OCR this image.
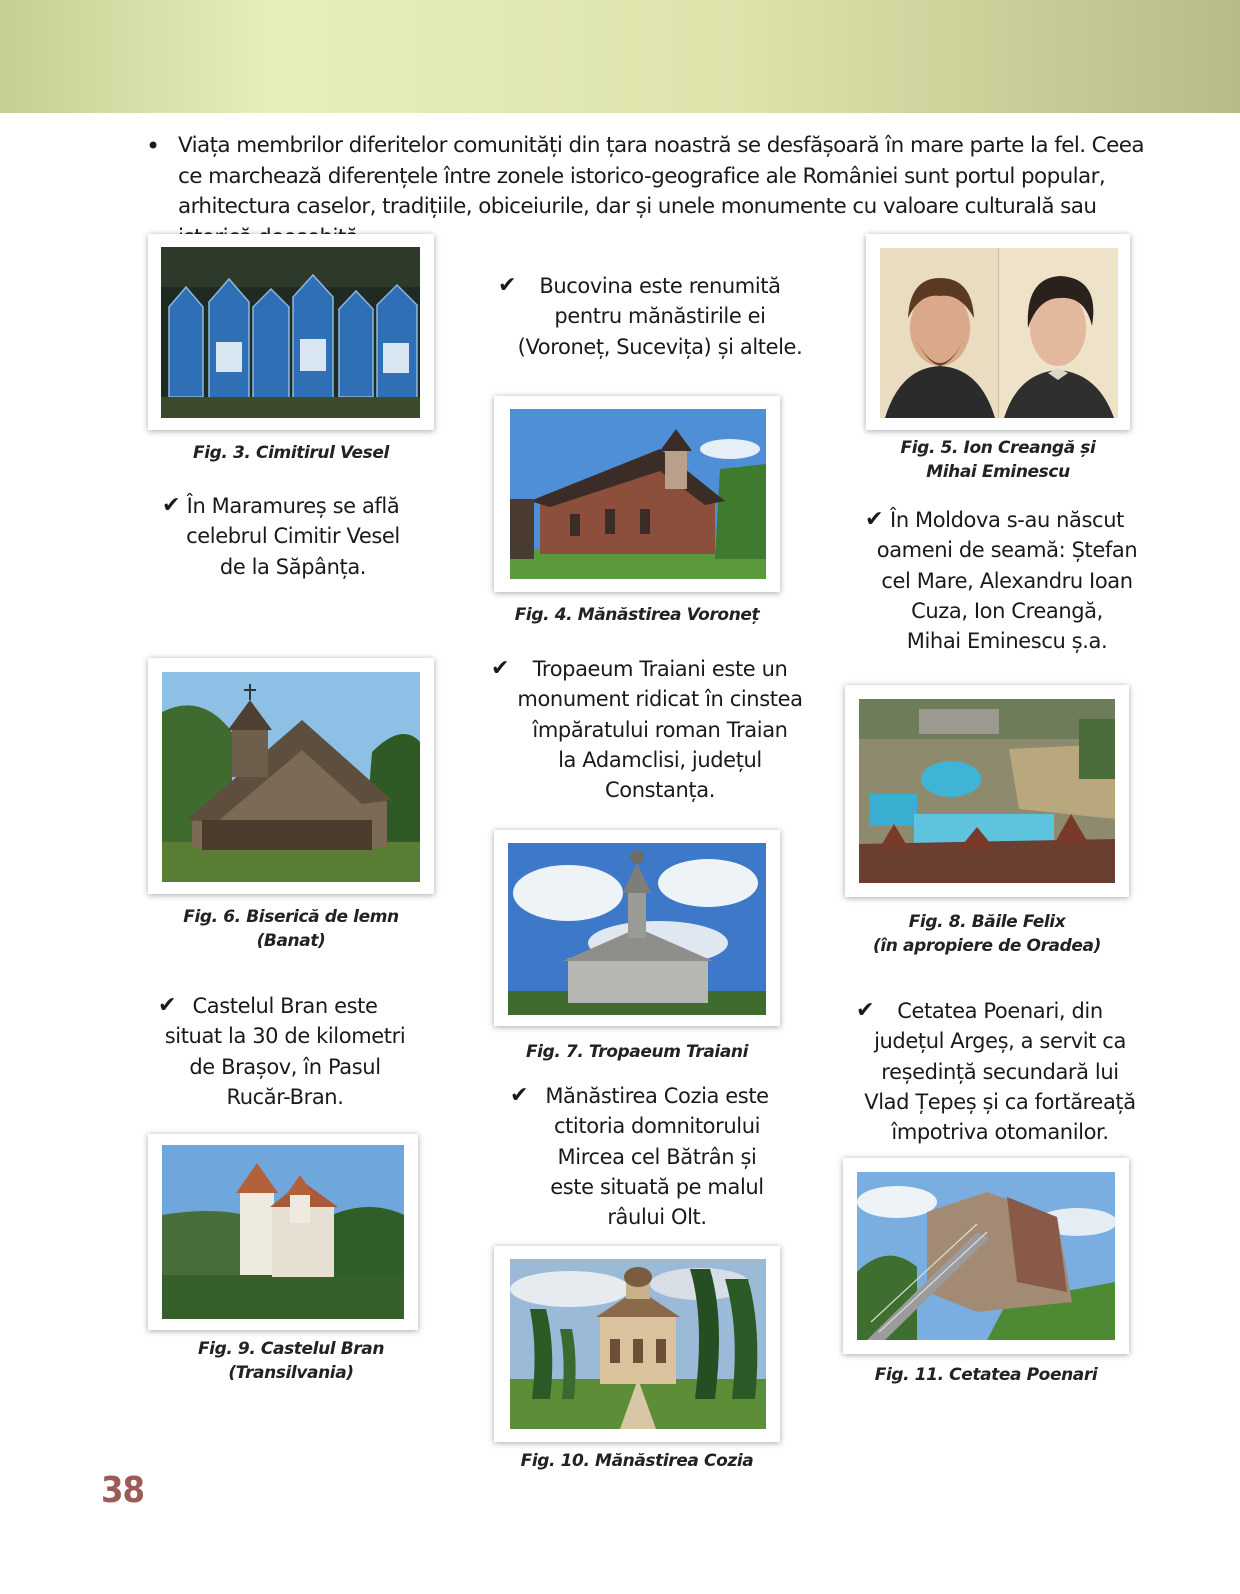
• Viața membrilor diferitelor comunități din țara noastră se desfășoară în mare parte la fel. Ceea ce marchează diferențele între zonele istorico-geografice ale României sunt portul popular, arhitectura caselor, tradițiile, obiceiurile, dar și unele monumente cu valoare culturală sau

Fig. 3. Cimitirul Vesel
✔ În Maramureș se află
celebrul Cimitir Vesel
de la Săpânța.
Fig. 6. Biserică de lemn
(Banat)
✔ Castelul Bran este
situat la 30 de kilometri
de Brașov, în Pasul
Rucăr-Bran.
Fig. 9. Castelul Bran
(Transilvania)
✔	Bucovina este renumită
pentru mănăstirile ei
(Voroneț, Sucevița) și altele.
Fig. 4. Mănăstirea Voroneț
✔	Tropaeum Traiani este un
monument ridicat în cinstea
împăratului roman Traian
la Adamclisi, județul
Constanța.
Fig. 7. Tropaeum Traiani
✔ Mănăstirea Cozia este
ctitoria domnitorului
Mircea cel Bătrân și
este situată pe malul
râului Olt.
Fig. 10. Mănăstirea Cozia
Fig. 5. Ion Creangă și
Mihai Eminescu
✔ În Moldova s-au născut
oameni de seamă: Ștefan
cel Mare, Alexandru Ioan
Cuza, Ion Creangă,
Mihai Eminescu ș.a.
Fig. 8. Băile Felix
(în apropiere de Oradea)
✔	Cetatea Poenari, din
județul Argeș, a servit ca
reședință secundară lui
Vlad Țepeș și ca fortăreață
împotriva otomanilor.
Fig. 11. Cetatea Poenari
38
